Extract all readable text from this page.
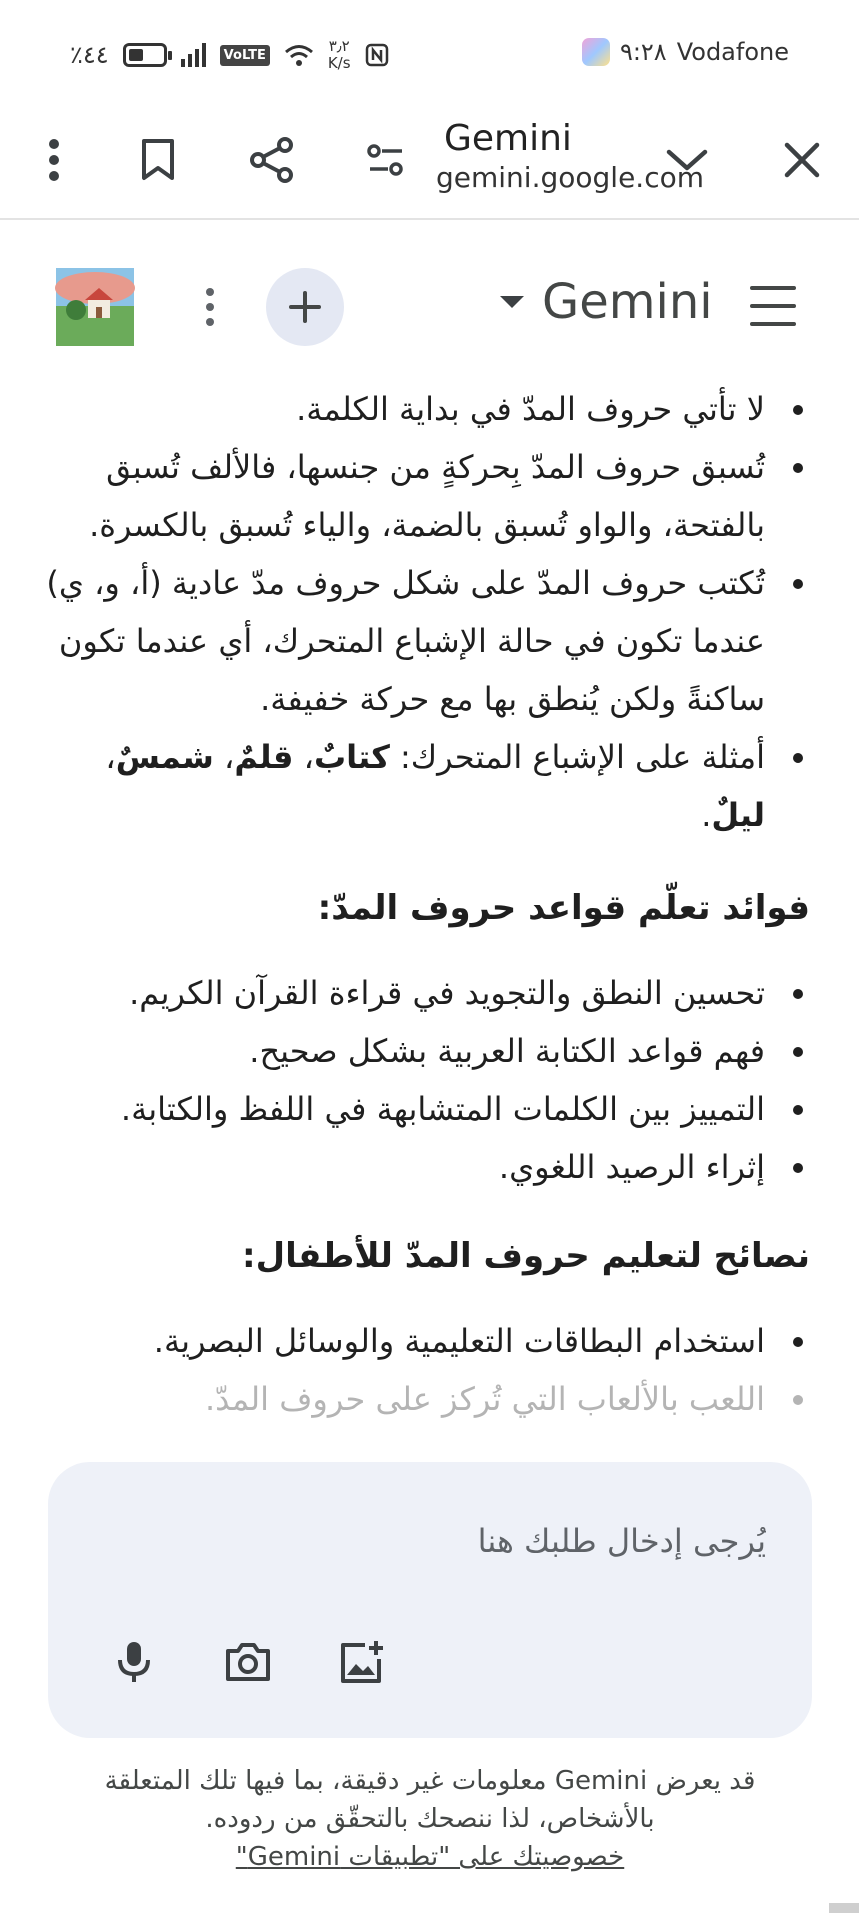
٪٤٤	VoLTE	٣٫٢
K/s	٩:٢٨ Vodafone
Gemini
gemini.google.com
Gemini
لا تأتي حروف المدّ في بداية الكلمة.
تُسبق حروف المدّ بِحركةٍ من جنسها، فالألف تُسبق بالفتحة، والواو تُسبق بالضمة، والياء تُسبق بالكسرة.
تُكتب حروف المدّ على شكل حروف مدّ عادية (أ، و، ي) عندما تكون في حالة الإشباع المتحرك، أي عندما تكون ساكنةً ولكن يُنطق بها مع حركة خفيفة.
أمثلة على الإشباع المتحرك: كتابٌ، قلمٌ، شمسٌ، ليلٌ.
فوائد تعلّم قواعد حروف المدّ:
تحسين النطق والتجويد في قراءة القرآن الكريم.
فهم قواعد الكتابة العربية بشكل صحيح.
التمييز بين الكلمات المتشابهة في اللفظ والكتابة.
إثراء الرصيد اللغوي.
نصائح لتعليم حروف المدّ للأطفال:
استخدام البطاقات التعليمية والوسائل البصرية.
اللعب بالألعاب التي تُركز على حروف المدّ.
يُرجى إدخال طلبك هنا
قد يعرض Gemini معلومات غير دقيقة، بما فيها تلك المتعلقة بالأشخاص، لذا ننصحك بالتحقّق من ردوده.
خصوصيتك على "تطبيقات Gemini"
